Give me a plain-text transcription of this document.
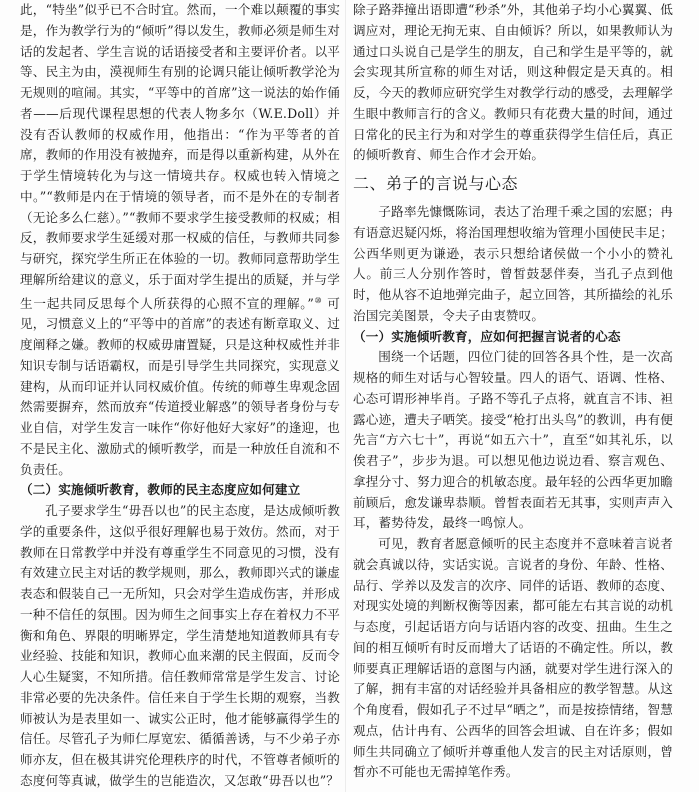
此，“特坐”似乎已不合时宜。然而，一个难以颠覆的事实是，作为教学行为的“倾听”得以发生，教师必须是师生对话的发起者、学生言说的话语接受者和主要评价者。以平等、民主为由，漠视师生有别的论调只能让倾听教学沦为无规则的喧闹。其实，“平等中的首席”这一说法的始作俑者——后现代课程思想的代表人物多尔（W.E.Doll）并没有否认教师的权威作用，他指出：“作为平等者的首席，教师的作用没有被抛弃，而是得以重新构建，从外在于学生情境转化为与这一情境共存。权威也转入情境之中。”“教师是内在于情境的领导者，而不是外在的专制者（无论多么仁慈）。”“教师不要求学生接受教师的权威；相反，教师要求学生延缓对那一权威的信任，与教师共同参与研究，探究学生所正在体验的一切。教师同意帮助学生理解所给建议的意义，乐于面对学生提出的质疑，并与学生一起共同反思每个人所获得的心照不宣的理解。”⑩ 可见，习惯意义上的“平等中的首席”的表述有断章取义、过度阐释之嫌。教师的权威毋庸置疑，只是这种权威性并非知识专制与话语霸权，而是引导学生共同探究，实现意义建构，从而印证并认同权威价值。传统的师尊生卑观念固然需要摒弃，然而放弃“传道授业解惑”的领导者身份与专业自信，对学生发言一味作“你好他好大家好”的逢迎，也不是民主化、激励式的倾听教学，而是一种放任自流和不负责任。

（二）实施倾听教育，教师的民主态度应如何建立

孔子要求学生“毋吾以也”的民主态度，是达成倾听教学的重要条件，这似乎很好理解也易于效仿。然而，对于教师在日常教学中并没有尊重学生不同意见的习惯，没有有效建立民主对话的教学规则，那么，教师即兴式的谦虚表态和假装自己一无所知，只会对学生造成伤害，并形成一种不信任的氛围。因为师生之间事实上存在着权力不平衡和角色、界限的明晰界定，学生清楚地知道教师具有专业经验、技能和知识，教师心血来潮的民主假面，反而令人心生疑窦，不知所措。信任教师常常是学生发言、讨论非常必要的先决条件。信任来自于学生长期的观察，当教师被认为是表里如一、诚实公正时，他才能够赢得学生的信任。尽管孔子为师仁厚宽宏、循循善诱，与不少弟子亦师亦友，但在极其讲究伦理秩序的时代，不管尊者倾听的态度何等真诚，做学生的岂能造次，又怎敢“毋吾以也”？

除子路莽撞出语即遭“秒杀”外，其他弟子均小心翼翼、低调应对，理论无拘无束、自由倾诉？所以，如果教师认为通过口头说自己是学生的朋友，自己和学生是平等的，就会实现其所宣称的师生对话，则这种假定是天真的。相反，今天的教师应研究学生对教学行动的感受，去理解学生眼中教师言行的含义。教师只有花费大量的时间，通过日常化的民主行为和对学生的尊重获得学生信任后，真正的倾听教育、师生合作才会开始。

二、弟子的言说与心态

子路率先慷慨陈词，表达了治理千乘之国的宏愿；冉有语意迟疑闪烁，将治国理想收缩为管理小国使民丰足；公西华则更为谦逊，表示只想给诸侯做一个小小的赞礼人。前三人分别作答时，曾皙鼓瑟伴奏，当孔子点到他时，他从容不迫地弹完曲子，起立回答，其所描绘的礼乐治国完美图景，令夫子由衷赞叹。

（一）实施倾听教育，应如何把握言说者的心态

围绕一个话题，四位门徒的回答各具个性，是一次高规格的师生对话与心智较量。四人的语气、语调、性格、心态可谓形神毕肖。子路不等孔子点将，就直言不讳、袒露心迹，遭夫子哂笑。接受“枪打出头鸟”的教训，冉有便先言“方六七十”，再说“如五六十”，直至“如其礼乐，以俟君子”，步步为退。可以想见他边说边看、察言观色、拿捏分寸、努力迎合的机敏态度。最年轻的公西华更加瞻前顾后，愈发谦卑恭顺。曾皙表面若无其事，实则声声入耳，蓄势待发，最终一鸣惊人。

可见，教育者愿意倾听的民主态度并不意味着言说者就会真诚以待，实话实说。言说者的身份、年龄、性格、品行、学养以及发言的次序、同伴的话语、教师的态度、对现实处境的判断权衡等因素，都可能左右其言说的动机与态度，引起话语方向与话语内容的改变、扭曲。生生之间的相互倾听有时反而增大了话语的不确定性。所以，教师要真正理解话语的意图与内涵，就要对学生进行深入的了解，拥有丰富的对话经验并具备相应的教学智慧。从这个角度看，假如孔子不过早“晒之”，而是按捺情绪，智慧观点，估计冉有、公西华的回答会坦诚、自在许多；假如师生共同确立了倾听并尊重他人发言的民主对话原则，曾皙亦不可能也无需掉笔作秀。
